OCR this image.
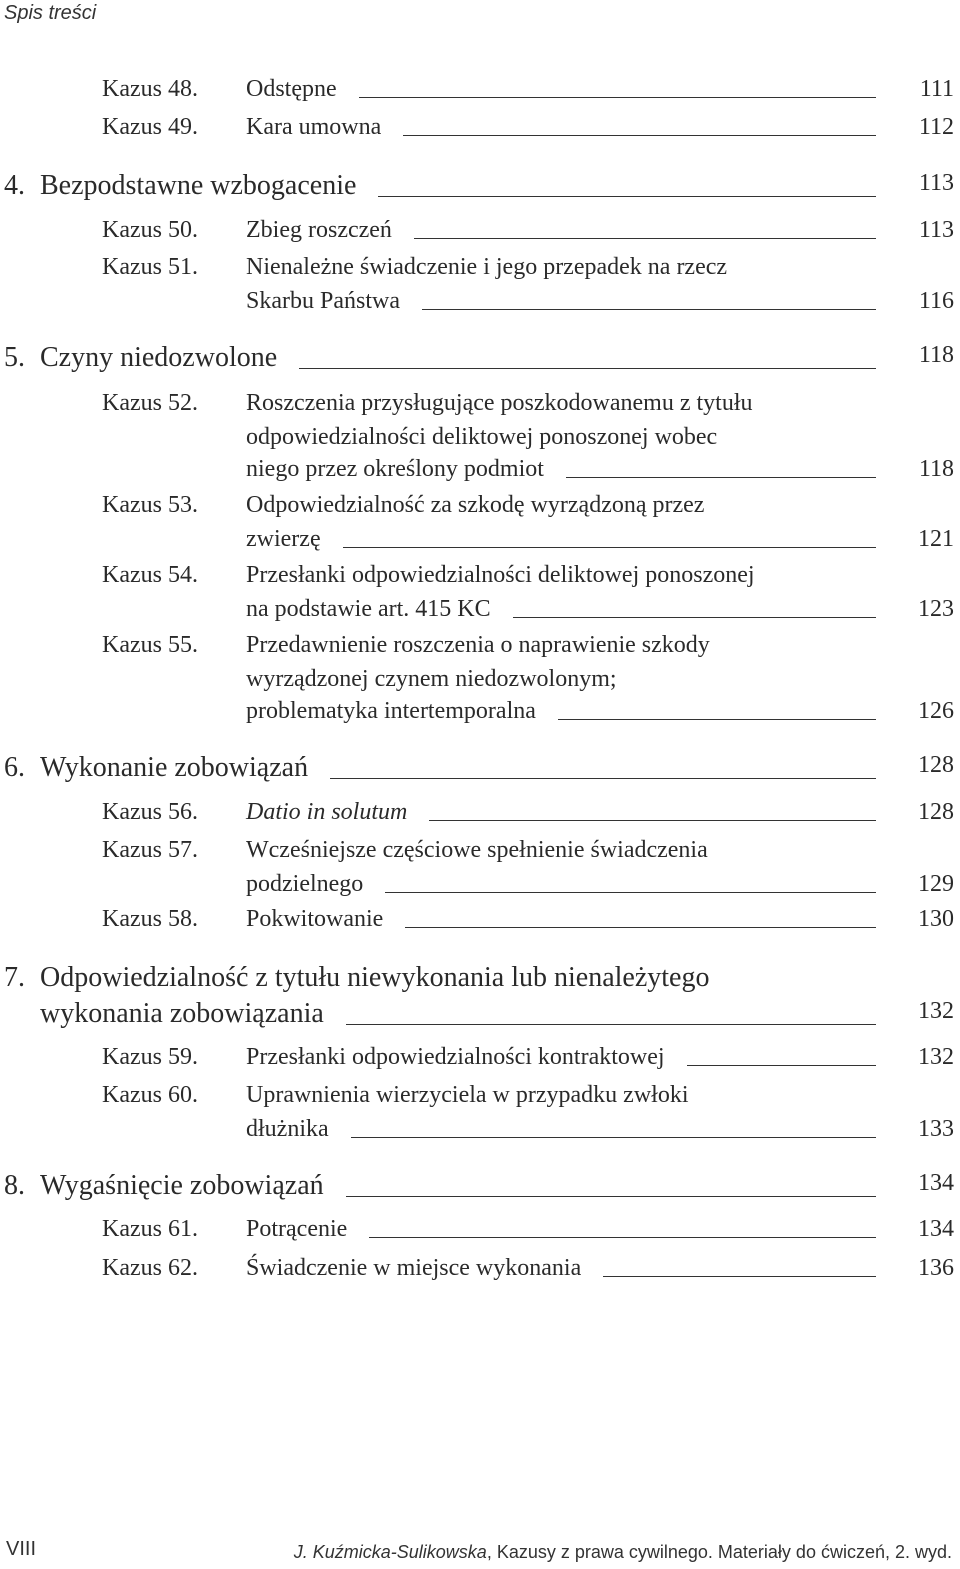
Spis treści
Kazus 48. Odstępne	111
Kazus 49. Kara umowna	112
4. Bezpodstawne wzbogacenie	113
Kazus 50. Zbieg roszczeń	113
Kazus 51. Nienależne świadczenie i jego przepadek na rzecz
Skarbu Państwa	116
5. Czyny niedozwolone	118
Kazus 52. Roszczenia przysługujące poszkodowanemu z tytułu
odpowiedzialności deliktowej ponoszonej wobec
niego przez określony podmiot	118
Kazus 53. Odpowiedzialność za szkodę wyrządzoną przez
zwierzę	121
Kazus 54. Przesłanki odpowiedzialności deliktowej ponoszonej
na podstawie art. 415 KC	123
Kazus 55. Przedawnienie roszczenia o naprawienie szkody
wyrządzonej czynem niedozwolonym;
problematyka intertemporalna	126
6. Wykonanie zobowiązań	128
Kazus 56. Datio in solutum	128
Kazus 57. Wcześniejsze częściowe spełnienie świadczenia
podzielnego	129
Kazus 58. Pokwitowanie	130
7. Odpowiedzialność z tytułu niewykonania lub nienależytego
wykonania zobowiązania	132
Kazus 59. Przesłanki odpowiedzialności kontraktowej	132
Kazus 60. Uprawnienia wierzyciela w przypadku zwłoki
dłużnika	133
8. Wygaśnięcie zobowiązań	134
Kazus 61. Potrącenie	134
Kazus 62. Świadczenie w miejsce wykonania	136
VIII	J. Kuźmicka-Sulikowska, Kazusy z prawa cywilnego. Materiały do ćwiczeń, 2. wyd.
